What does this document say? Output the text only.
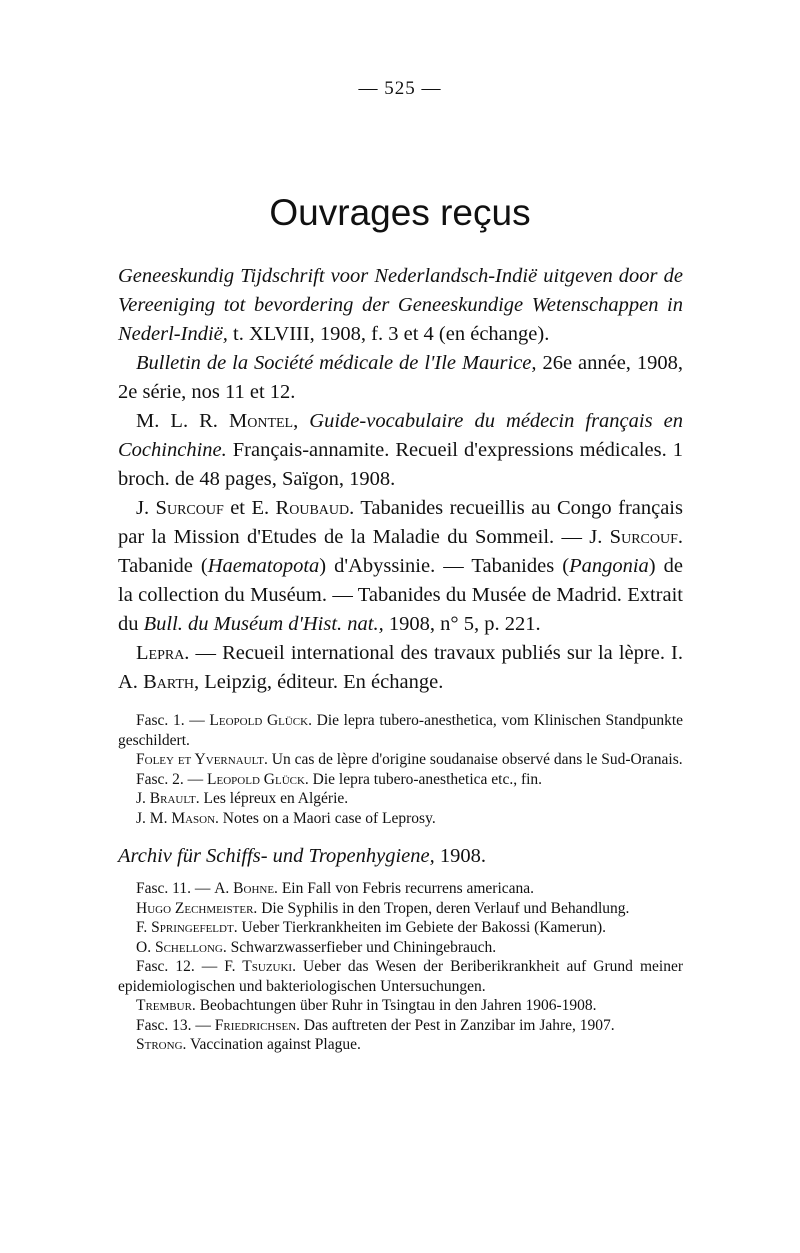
— 525 —
Ouvrages reçus

Geneeskundig Tijdschrift voor Nederlandsch-Indië uitgeven door de Vereeniging tot bevordering der Geneeskundige Wetenschappen in Nederl-Indië, t. XLVIII, 1908, f. 3 et 4 (en échange).

Bulletin de la Société médicale de l'Ile Maurice, 26e année, 1908, 2e série, nos 11 et 12.

M. L. R. Montel, Guide-vocabulaire du médecin français en Cochinchine. Français-annamite. Recueil d'expressions médicales. 1 broch. de 48 pages, Saïgon, 1908.

J. Surcouf et E. Roubaud. Tabanides recueillis au Congo français par la Mission d'Etudes de la Maladie du Sommeil. — J. Surcouf. Tabanide (Haematopota) d'Abyssinie. — Tabanides (Pangonia) de la collection du Muséum. — Tabanides du Musée de Madrid. Extrait du Bull. du Muséum d'Hist. nat., 1908, n° 5, p. 221.

Lepra. — Recueil international des travaux publiés sur la lèpre. I. A. Barth, Leipzig, éditeur. En échange.

Fasc. 1. — Leopold Glück. Die lepra tubero-anesthetica, vom Klinischen Standpunkte geschildert.

Foley et Yvernault. Un cas de lèpre d'origine soudanaise observé dans le Sud-Oranais.

Fasc. 2. — Leopold Glück. Die lepra tubero-anesthetica etc., fin.

J. Brault. Les lépreux en Algérie.

J. M. Mason. Notes on a Maori case of Leprosy.

Archiv für Schiffs- und Tropenhygiene, 1908.

Fasc. 11. — A. Bohne. Ein Fall von Febris recurrens americana.

Hugo Zechmeister. Die Syphilis in den Tropen, deren Verlauf und Behandlung.

F. Springefeldt. Ueber Tierkrankheiten im Gebiete der Bakossi (Kamerun).

O. Schellong. Schwarzwasserfieber und Chiningebrauch.

Fasc. 12. — F. Tsuzuki. Ueber das Wesen der Beriberikrankheit auf Grund meiner epidemiologischen und bakteriologischen Untersuchungen.

Trembur. Beobachtungen über Ruhr in Tsingtau in den Jahren 1906-1908.

Fasc. 13. — Friedrichsen. Das auftreten der Pest in Zanzibar im Jahre, 1907.

Strong. Vaccination against Plague.
